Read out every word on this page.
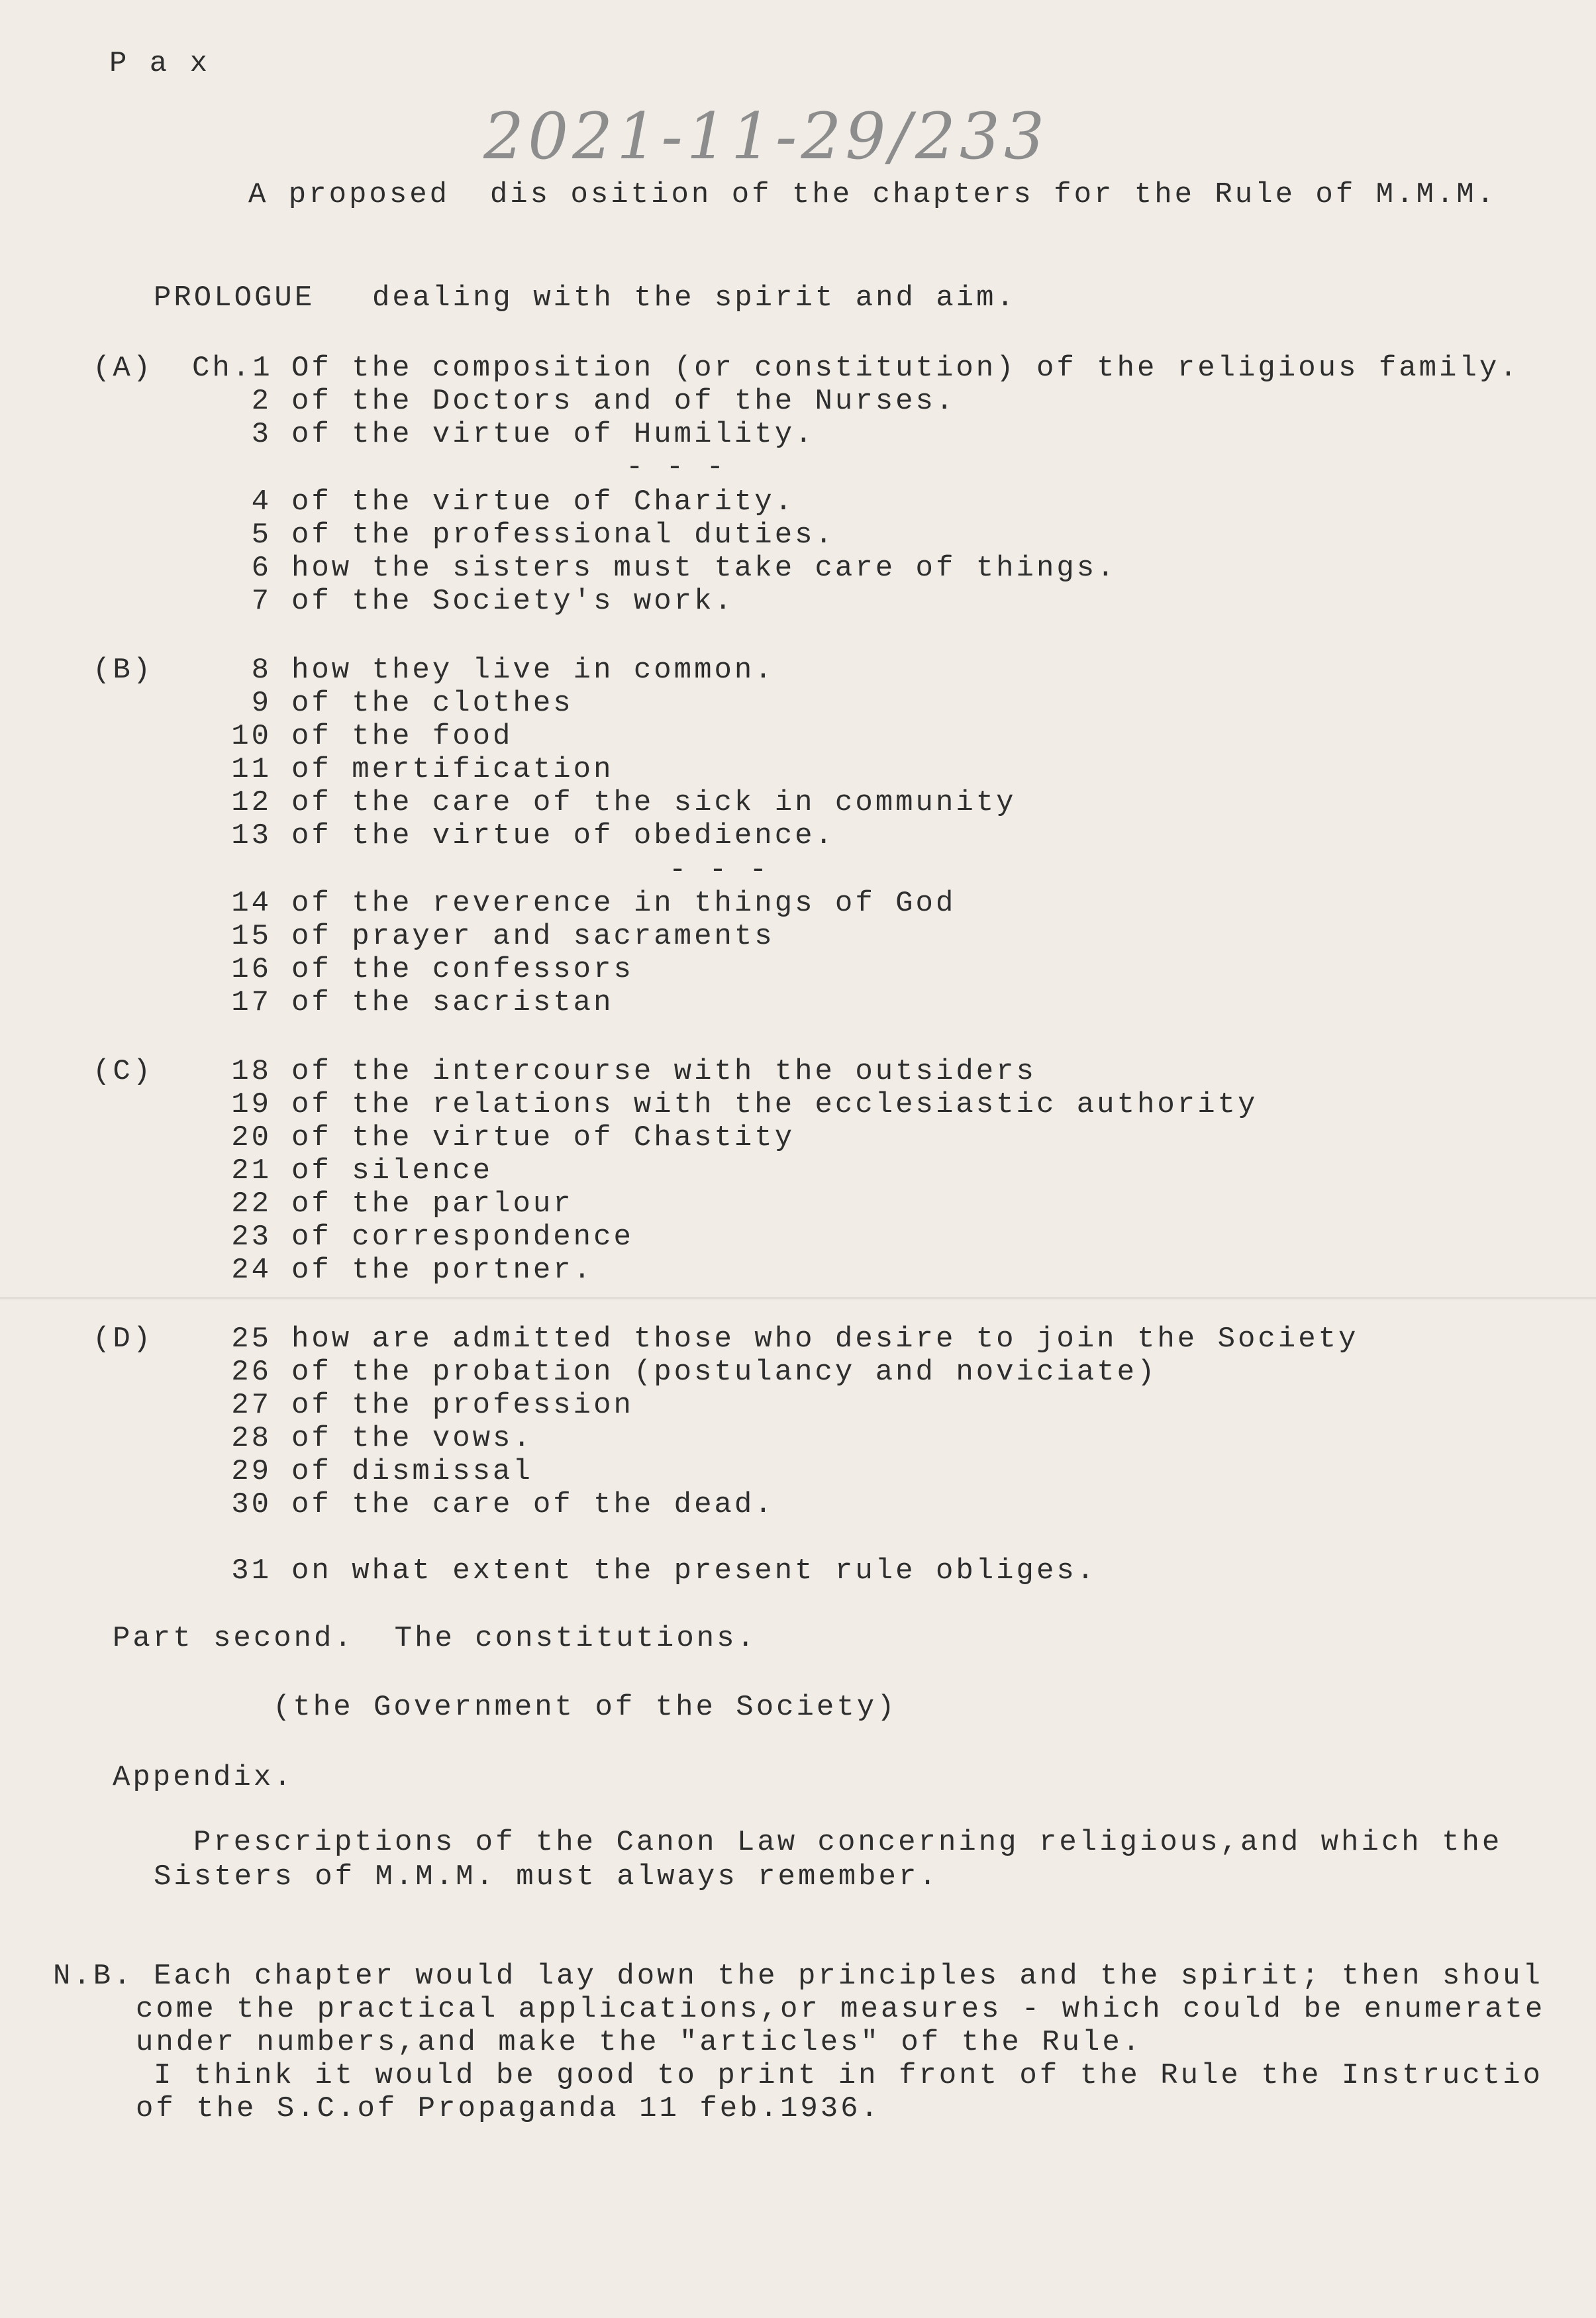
P a x
2021-11-29/233
A proposed  dis osition of the chapters for the Rule of M.M.M.
PROLOGUE dealing with the spirit and aim.
(A) Ch.1 Of the composition (or constitution) of the religious family.
2 of the Doctors and of the Nurses.
3 of the virtue of Humility.
- - -
4 of the virtue of Charity.
5 of the professional duties.
6 how the sisters must take care of things.
7 of the Society's work.
(B)	8 how they live in common.
9 of the clothes
10 of the food
11 of mertification
12 of the care of the sick in community
13 of the virtue of obedience.
- - -
14 of the reverence in things of God
15 of prayer and sacraments
16 of the confessors
17 of the sacristan
(C)	18 of the intercourse with the outsiders
19 of the relations with the ecclesiastic authority
20 of the virtue of Chastity
21 of silence
22 of the parlour
23 of correspondence
24 of the portner.
(D)	25 how are admitted those who desire to join the Society
26 of the probation (postulancy and noviciate)
27 of the profession
28 of the vows.
29 of dismissal
30 of the care of the dead.
31 on what extent the present rule obliges.
Part second.  The constitutions.
(the Government of the Society)
Appendix.
Prescriptions of the Canon Law concerning religious,and which the
Sisters of M.M.M. must always remember.
N.B. Each chapter would lay down the principles and the spirit; then shoul
come the practical applications,or measures - which could be enumerate
under numbers,and make the "articles" of the Rule.
I think it would be good to print in front of the Rule the Instructio
of the S.C.of Propaganda 11 feb.1936.
